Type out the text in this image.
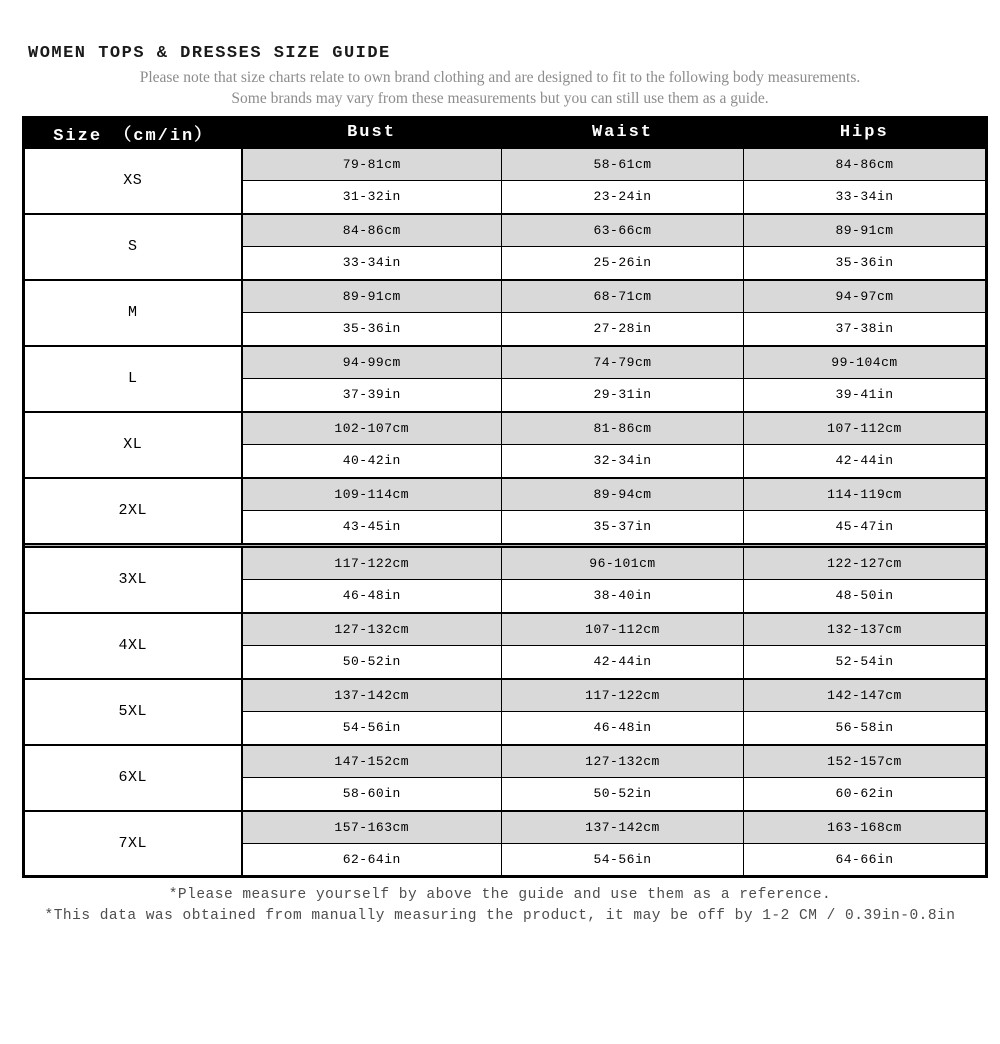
WOMEN TOPS & DRESSES SIZE GUIDE

Please note that size charts relate to own brand clothing and are designed to fit to the following body measurements.

Some brands may vary from these measurements but you can still use them as a guide.

Size （cm/in）	Bust	Waist	Hips
XS	79-81cm	58-61cm	84-86cm
	31-32in	23-24in	33-34in
S	84-86cm	63-66cm	89-91cm
	33-34in	25-26in	35-36in
M	89-91cm	68-71cm	94-97cm
	35-36in	27-28in	37-38in
L	94-99cm	74-79cm	99-104cm
	37-39in	29-31in	39-41in
XL	102-107cm	81-86cm	107-112cm
	40-42in	32-34in	42-44in
2XL	109-114cm	89-94cm	114-119cm
	43-45in	35-37in	45-47in

3XL	117-122cm	96-101cm	122-127cm
	46-48in	38-40in	48-50in
4XL	127-132cm	107-112cm	132-137cm
	50-52in	42-44in	52-54in
5XL	137-142cm	117-122cm	142-147cm
	54-56in	46-48in	56-58in
6XL	147-152cm	127-132cm	152-157cm
	58-60in	50-52in	60-62in
7XL	157-163cm	137-142cm	163-168cm
	62-64in	54-56in	64-66in

*Please measure yourself by above the guide and use them as a reference.

*This data was obtained from manually measuring the product, it may be off by 1-2 CM / 0.39in-0.8in
